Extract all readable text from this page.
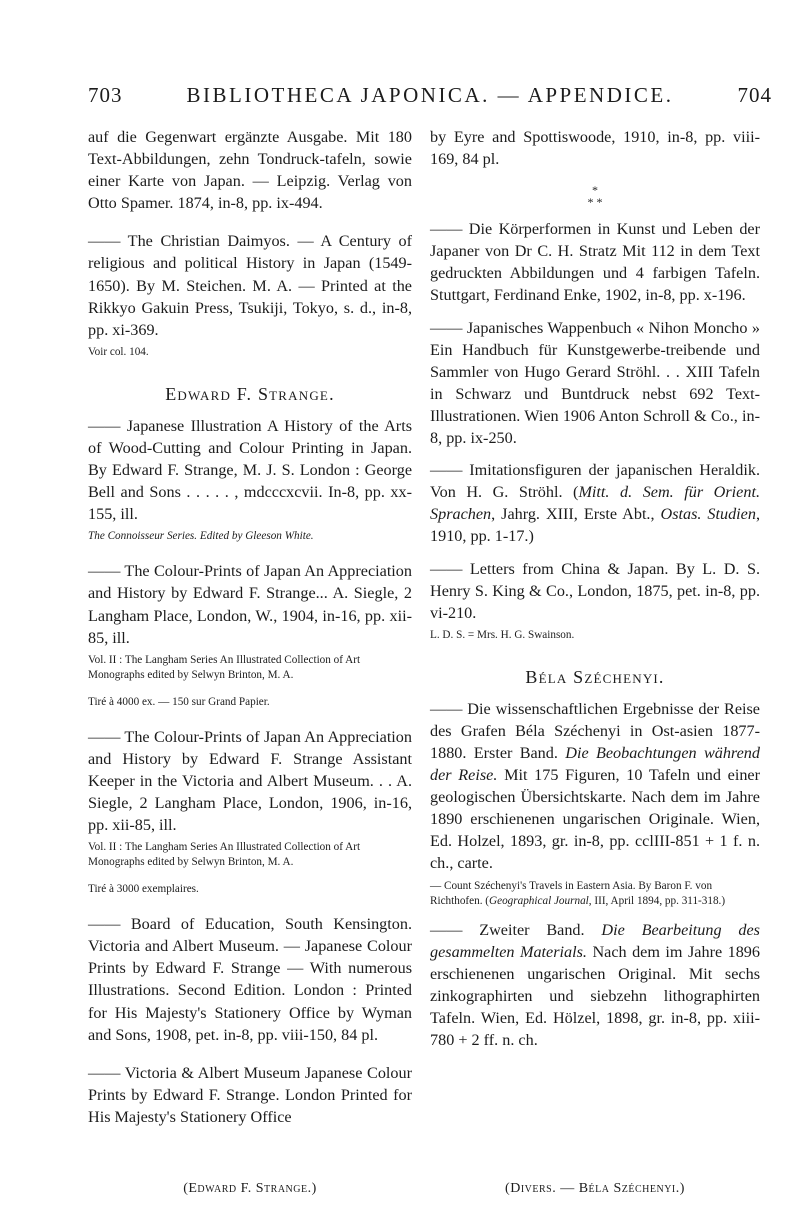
703	BIBLIOTHECA JAPONICA. — APPENDICE.	704

auf die Gegenwart ergänzte Ausgabe. Mit 180 Text-Abbildungen, zehn Tondruck-tafeln, sowie einer Karte von Japan. — Leipzig. Verlag von Otto Spamer. 1874, in-8, pp. ix-494.

—— The Christian Daimyos. — A Century of religious and political History in Japan (1549-1650). By M. Steichen. M. A. — Printed at the Rikkyo Gakuin Press, Tsukiji, Tokyo, s. d., in-8, pp. xi-369.

Voir col. 104.

Edward F. Strange.

—— Japanese Illustration A History of the Arts of Wood-Cutting and Colour Printing in Japan. By Edward F. Strange, M. J. S. London : George Bell and Sons . . . . . , mdcccxcvii. In-8, pp. xx-155, ill.

The Connoisseur Series. Edited by Gleeson White.

—— The Colour-Prints of Japan An Appreciation and History by Edward F. Strange... A. Siegle, 2 Langham Place, London, W., 1904, in-16, pp. xii-85, ill.

Vol. II : The Langham Series An Illustrated Collection of Art Monographs edited by Selwyn Brinton, M. A.

Tiré à 4000 ex. — 150 sur Grand Papier.

—— The Colour-Prints of Japan An Appreciation and History by Edward F. Strange Assistant Keeper in the Victoria and Albert Museum. . . A. Siegle, 2 Langham Place, London, 1906, in-16, pp. xii-85, ill.

Vol. II : The Langham Series An Illustrated Collection of Art Monographs edited by Selwyn Brinton, M. A.

Tiré à 3000 exemplaires.

—— Board of Education, South Kensington. Victoria and Albert Museum. — Japanese Colour Prints by Edward F. Strange — With numerous Illustrations. Second Edition. London : Printed for His Majesty's Stationery Office by Wyman and Sons, 1908, pet. in-8, pp. viii-150, 84 pl.

—— Victoria & Albert Museum Japanese Colour Prints by Edward F. Strange. London Printed for His Majesty's Stationery Office

by Eyre and Spottiswoode, 1910, in-8, pp. viii-169, 84 pl.

*
* *

—— Die Körperformen in Kunst und Leben der Japaner von Dr C. H. Stratz Mit 112 in dem Text gedruckten Abbildungen und 4 farbigen Tafeln. Stuttgart, Ferdinand Enke, 1902, in-8, pp. x-196.

—— Japanisches Wappenbuch « Nihon Moncho » Ein Handbuch für Kunstgewerbe-treibende und Sammler von Hugo Gerard Ströhl. . . XIII Tafeln in Schwarz und Buntdruck nebst 692 Text-Illustrationen. Wien 1906 Anton Schroll & Co., in-8, pp. ix-250.

—— Imitationsfiguren der japanischen Heraldik. Von H. G. Ströhl. (Mitt. d. Sem. für Orient. Sprachen, Jahrg. XIII, Erste Abt., Ostas. Studien, 1910, pp. 1-17.)

—— Letters from China & Japan. By L. D. S. Henry S. King & Co., London, 1875, pet. in-8, pp. vi-210.

L. D. S. = Mrs. H. G. Swainson.

Béla Széchenyi.

—— Die wissenschaftlichen Ergebnisse der Reise des Grafen Béla Széchenyi in Ost-asien 1877-1880. Erster Band. Die Beobachtungen während der Reise. Mit 175 Figuren, 10 Tafeln und einer geologischen Übersichtskarte. Nach dem im Jahre 1890 erschienenen ungarischen Originale. Wien, Ed. Holzel, 1893, gr. in-8, pp. cclIII-851 + 1 f. n. ch., carte.

— Count Széchenyi's Travels in Eastern Asia. By Baron F. von Richthofen. (Geographical Journal, III, April 1894, pp. 311-318.)

—— Zweiter Band. Die Bearbeitung des gesammelten Materials. Nach dem im Jahre 1896 erschienenen ungarischen Original. Mit sechs zinkographirten und siebzehn lithographirten Tafeln. Wien, Ed. Hölzel, 1898, gr. in-8, pp. xiii-780 + 2 ff. n. ch.

(Edward F. Strange.)	(Divers. — Béla Széchenyi.)
